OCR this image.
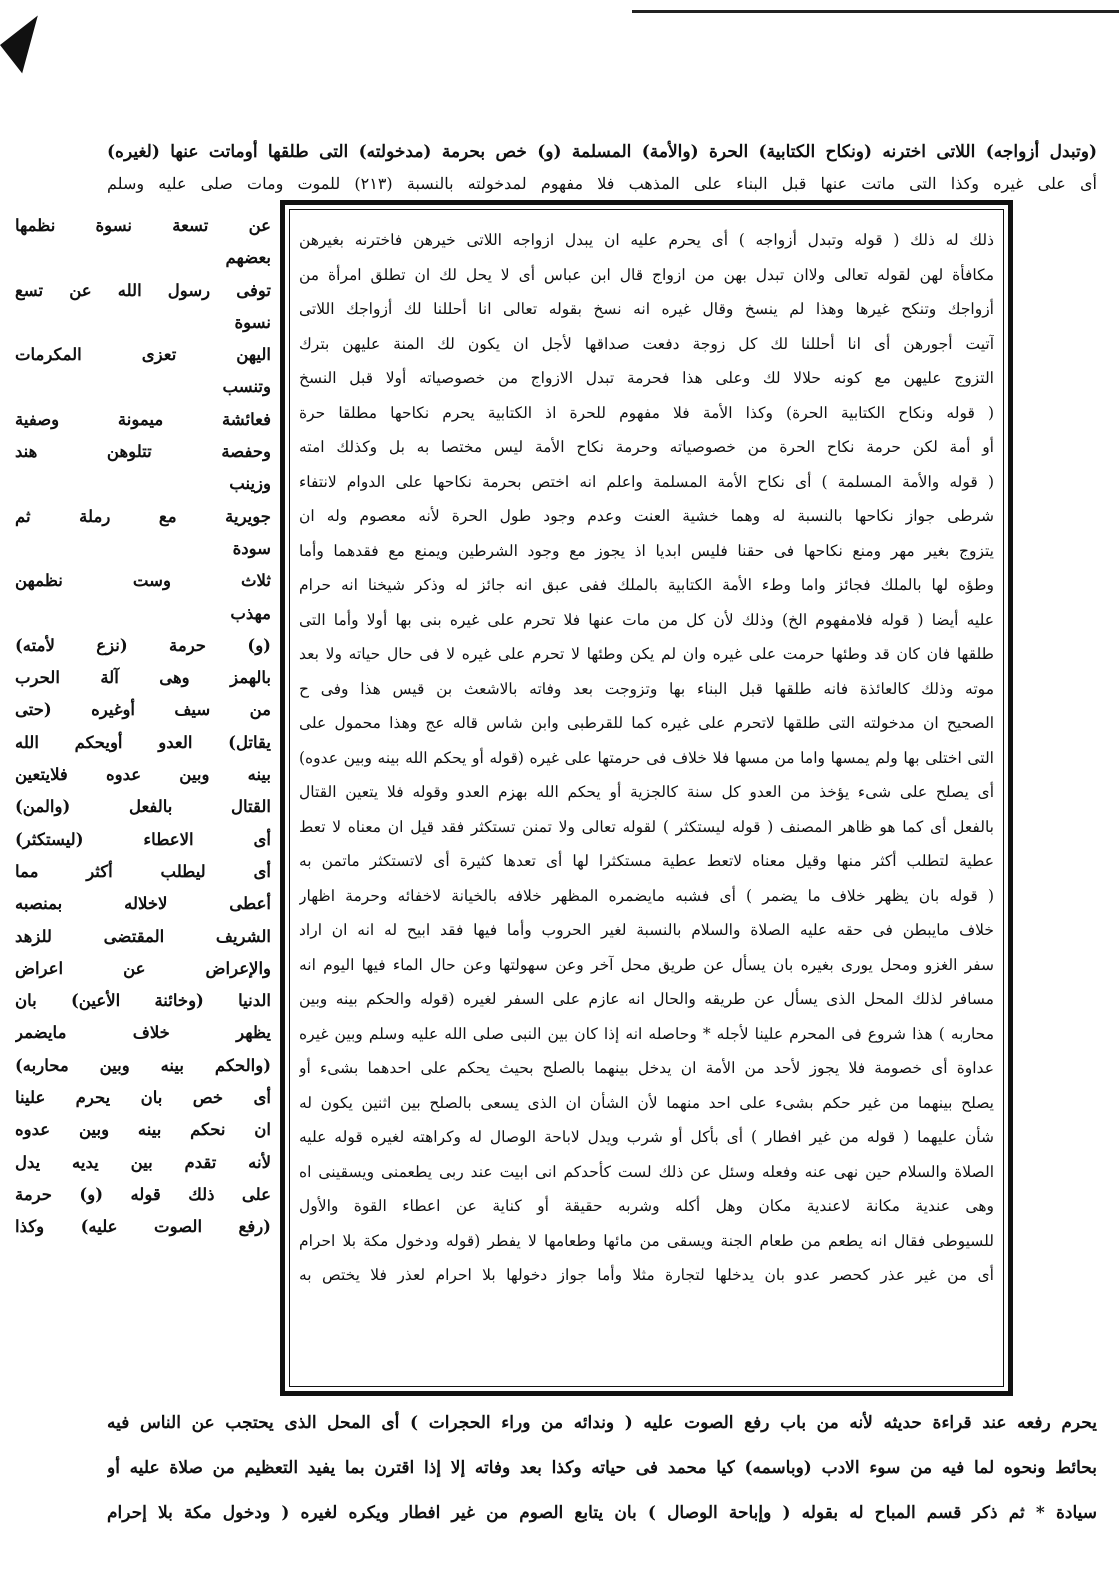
(وتبدل أزواجه) اللاتى اخترنه (ونكاح الكتابية) الحرة (والأمة) المسلمة (و) خص بحرمة (مدخولته) التى طلقها أوماتت عنها (لغيره)
أى على غيره وكذا التى ماتت عنها قبل البناء على المذهب فلا مفهوم لمدخولته بالنسبة (٢١٣) للموت ومات صلى عليه وسلم
عن تسعة نسوة نظمها
بعضهم
توفى رسول الله عن تسع
نسوة
اليهن تعزى المكرمات
وتنسب
فعائشة ميمونة وصفية
وحفصة تتلوهن هند
وزينب
جويرية مع رملة ثم
سودة
ثلاث وست نظمهن
مهذب
(و) حرمة (نزع لأمته)
بالهمز وهى آلة الحرب
من سيف أوغيره (حتى
يقاتل) العدو أويحكم الله
بينه وبين عدوه فلايتعين
القتال بالفعل (والمن)
أى الاعطاء (ليستكثر)
أى ليطلب أكثر مما
أعطى لاخلاله بمنصبه
الشريف المقتضى للزهد
والإعراض عن اعراض
الدنيا (وخائنة الأعين) بان
يظهر خلاف مايضمر
(والحكم بينه وبين محاربه)
أى خص بان يحرم علينا
ان نحكم بينه وبين عدوه
لأنه تقدم بين يديه يدل
على ذلك قوله (و) حرمة
(رفع الصوت عليه) وكذا
ذلك له ذلك ( قوله وتبدل أزواجه ) أى يحرم عليه ان يبدل ازواجه اللاتى خيرهن فاخترنه بغيرهن
مكافأة لهن لقوله تعالى ولاان تبدل بهن من ازواج قال ابن عباس أى لا يحل لك ان تطلق امرأة من
أزواجك وتنكح غيرها وهذا لم ينسخ وقال غيره انه نسخ بقوله تعالى انا أحللنا لك أزواجك اللاتى
آتيت أجورهن أى انا أحللنا لك كل زوجة دفعت صداقها لأجل ان يكون لك المنة عليهن بترك
التزوج عليهن مع كونه حلالا لك وعلى هذا فحرمة تبدل الازواج من خصوصياته أولا قبل النسخ
( قوله ونكاح الكتابية الحرة) وكذا الأمة فلا مفهوم للحرة اذ الكتابية يحرم نكاحها مطلقا حرة
أو أمة لكن حرمة نكاح الحرة من خصوصياته وحرمة نكاح الأمة ليس مختصا به بل وكذلك امته
( قوله والأمة المسلمة ) أى نكاح الأمة المسلمة واعلم انه اختص بحرمة نكاحها على الدوام لانتفاء
شرطى جواز نكاحها بالنسبة له وهما خشية العنت وعدم وجود طول الحرة لأنه معصوم وله ان
يتزوج بغير مهر ومنع نكاحها فى حقنا فليس ابديا اذ يجوز مع وجود الشرطين ويمنع مع فقدهما وأما
وطؤه لها بالملك فجائز واما وطء الأمة الكتابية بالملك ففى عبق انه جائز له وذكر شيخنا انه حرام
عليه أيضا ( قوله فلامفهوم الخ) وذلك لأن كل من مات عنها فلا تحرم على غيره بنى بها أولا وأما التى
طلقها فان كان قد وطئها حرمت على غيره وان لم يكن وطئها لا تحرم على غيره لا فى حال حياته ولا بعد
موته وذلك كالعائذة فانه طلقها قبل البناء بها وتزوجت بعد وفاته بالاشعث بن قيس هذا وفى ح
الصحيح ان مدخولته التى طلقها لاتحرم على غيره كما للقرطبى وابن شاس قاله عج وهذا محمول على
التى اختلى بها ولم يمسها واما من مسها فلا خلاف فى حرمتها على غيره (قوله أو يحكم الله بينه وبين عدوه)
أى يصلح على شىء يؤخذ من العدو كل سنة كالجزية أو يحكم الله بهزم العدو وقوله فلا يتعين القتال
بالفعل أى كما هو ظاهر المصنف ( قوله ليستكثر ) لقوله تعالى ولا تمنن تستكثر فقد قيل ان معناه لا تعط
عطية لتطلب أكثر منها وقيل معناه لاتعط عطية مستكثرا لها أى تعدها كثيرة أى لاتستكثر ماتمن به
( قوله بان يظهر خلاف ما يضمر ) أى فشبه مايضمره المظهر خلافه بالخيانة لاخفائه وحرمة اظهار
خلاف مايبطن فى حقه عليه الصلاة والسلام بالنسبة لغير الحروب وأما فيها فقد ابيح له انه ان اراد
سفر الغزو ومحل يورى بغيره بان يسأل عن طريق محل آخر وعن سهولتها وعن حال الماء فيها اليوم انه
مسافر لذلك المحل الذى يسأل عن طريقه والحال انه عازم على السفر لغيره (قوله والحكم بينه وبين
محاربه ) هذا شروع فى المحرم علينا لأجله * وحاصله انه إذا كان بين النبى صلى الله عليه وسلم وبين غيره
عداوة أى خصومة فلا يجوز لأحد من الأمة ان يدخل بينهما بالصلح بحيث يحكم على احدهما بشىء أو
يصلح بينهما من غير حكم بشىء على احد منهما لأن الشأن ان الذى يسعى بالصلح بين اثنين يكون له
شأن عليهما ( قوله من غير افطار ) أى بأكل أو شرب ويدل لاباحة الوصال له وكراهته لغيره قوله عليه
الصلاة والسلام حين نهى عنه وفعله وسئل عن ذلك لست كأحدكم انى ابيت عند ربى يطعمنى ويسقينى اه
وهى عندية مكانة لاعندية مكان وهل أكله وشربه حقيقة أو كناية عن اعطاء القوة والأول
للسيوطى فقال انه يطعم من طعام الجنة ويسقى من مائها وطعامها لا يفطر (قوله ودخول مكة بلا احرام
أى من غير عذر كحصر عدو بان يدخلها لتجارة مثلا وأما جواز دخولها بلا احرام لعذر فلا يختص به
يحرم رفعه عند قراءة حديثه لأنه من باب رفع الصوت عليه ( وندائه من وراء الحجرات ) أى المحل الذى يحتجب عن الناس فيه
بحائط ونحوه لما فيه من سوء الادب (وباسمه) كيا محمد فى حياته وكذا بعد وفاته إلا إذا اقترن بما يفيد التعظيم من صلاة عليه أو
سيادة * ثم ذكر قسم المباح له بقوله ( وإباحة الوصال ) بان يتابع الصوم من غير افطار ويكره لغيره ( ودخول مكة بلا إحرام
